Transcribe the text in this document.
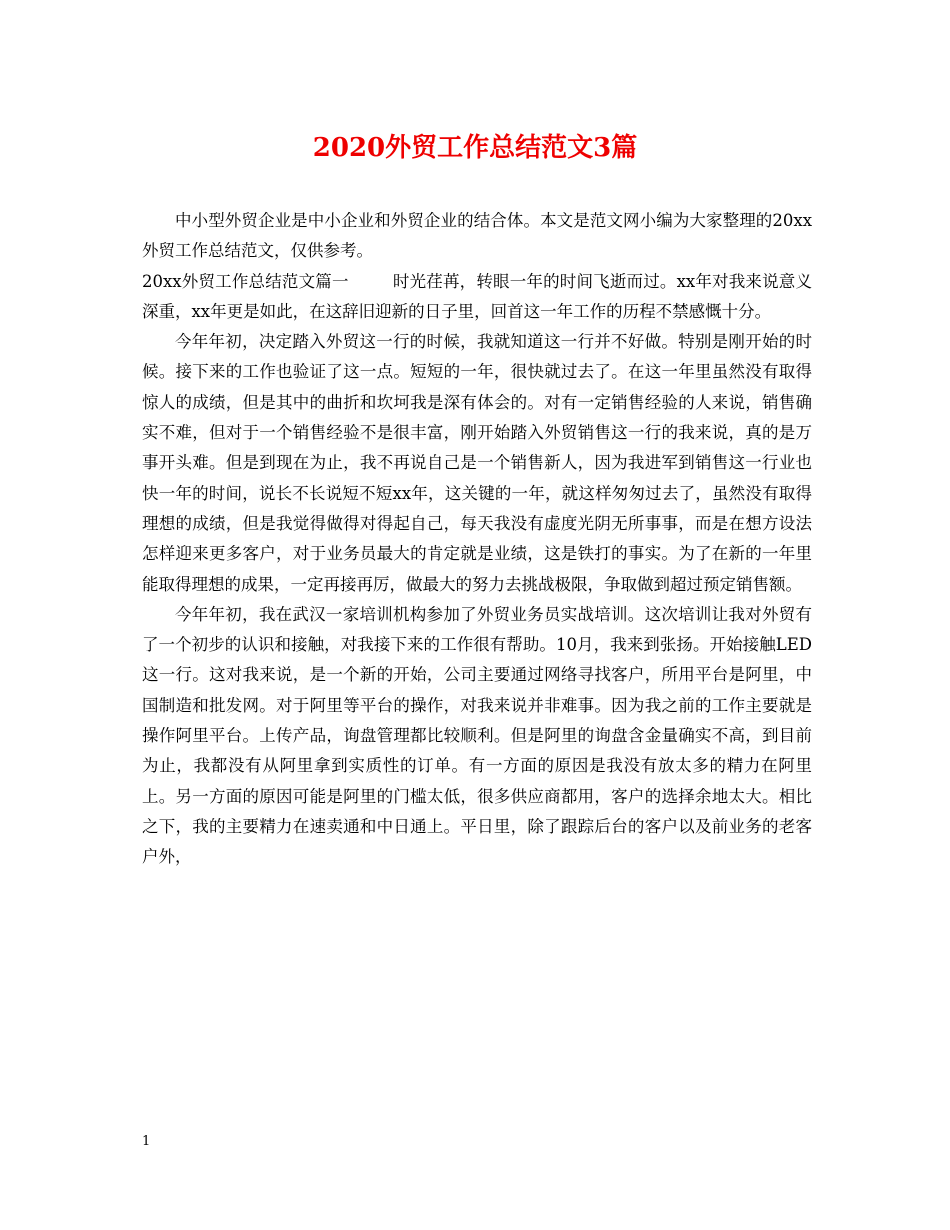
2020外贸工作总结范文3篇

中小型外贸企业是中小企业和外贸企业的结合体。本文是范文网小编为大家整理的20xx外贸工作总结范文，仅供参考。

20xx外贸工作总结范文篇一	时光荏苒，转眼一年的时间飞逝而过。xx年对我来说意义深重，xx年更是如此，在这辞旧迎新的日子里，回首这一年工作的历程不禁感慨十分。

今年年初，决定踏入外贸这一行的时候，我就知道这一行并不好做。特别是刚开始的时候。接下来的工作也验证了这一点。短短的一年，很快就过去了。在这一年里虽然没有取得惊人的成绩，但是其中的曲折和坎坷我是深有体会的。对有一定销售经验的人来说，销售确实不难，但对于一个销售经验不是很丰富，刚开始踏入外贸销售这一行的我来说，真的是万事开头难。但是到现在为止，我不再说自己是一个销售新人，因为我进军到销售这一行业也快一年的时间，说长不长说短不短xx年，这关键的一年，就这样匆匆过去了，虽然没有取得理想的成绩，但是我觉得做得对得起自己，每天我没有虚度光阴无所事事，而是在想方设法怎样迎来更多客户，对于业务员最大的肯定就是业绩，这是铁打的事实。为了在新的一年里能取得理想的成果，一定再接再厉，做最大的努力去挑战极限，争取做到超过预定销售额。

今年年初，我在武汉一家培训机构参加了外贸业务员实战培训。这次培训让我对外贸有了一个初步的认识和接触，对我接下来的工作很有帮助。10月，我来到张扬。开始接触LED 这一行。这对我来说，是一个新的开始，公司主要通过网络寻找客户，所用平台是阿里，中国制造和批发网。对于阿里等平台的操作，对我来说并非难事。因为我之前的工作主要就是操作阿里平台。上传产品，询盘管理都比较顺利。但是阿里的询盘含金量确实不高，到目前为止，我都没有从阿里拿到实质性的订单。有一方面的原因是我没有放太多的精力在阿里上。另一方面的原因可能是阿里的门槛太低，很多供应商都用，客户的选择余地太大。相比之下，我的主要精力在速卖通和中日通上。平日里，除了跟踪后台的客户以及前业务的老客户外，

1
